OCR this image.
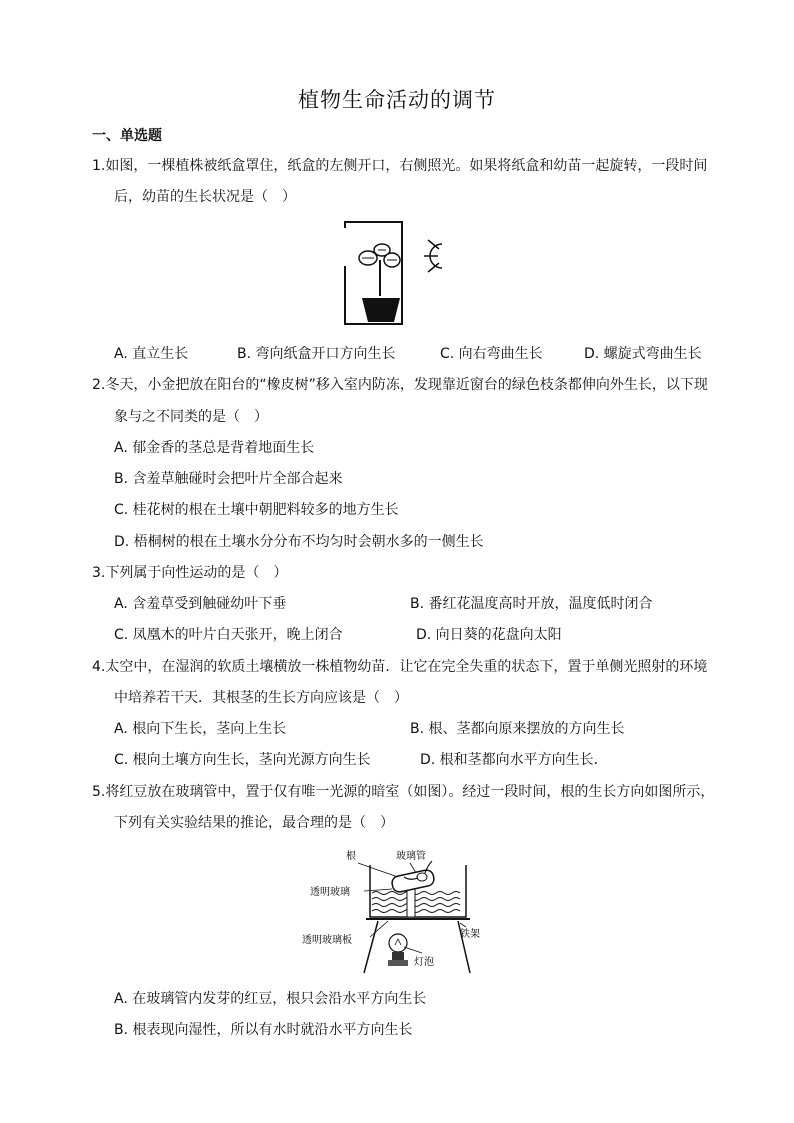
植物生命活动的调节
一、单选题
1.如图，一棵植株被纸盒罩住，纸盒的左侧开口，右侧照光。如果将纸盒和幼苗一起旋转，一段时间
后，幼苗的生长状况是（　）
A. 直立生长	B. 弯向纸盒开口方向生长	C. 向右弯曲生长	D. 螺旋式弯曲生长
2.冬天，小金把放在阳台的“橡皮树”移入室内防冻，发现靠近窗台的绿色枝条都伸向外生长，以下现
象与之不同类的是（　）
A. 郁金香的茎总是背着地面生长
B. 含羞草触碰时会把叶片全部合起来
C. 桂花树的根在土壤中朝肥料较多的地方生长
D. 梧桐树的根在土壤水分分布不均匀时会朝水多的一侧生长
3.下列属于向性运动的是（　）
A. 含羞草受到触碰幼叶下垂	B. 番红花温度高时开放，温度低时闭合
C. 凤凰木的叶片白天张开，晚上闭合	D. 向日葵的花盘向太阳
4.太空中，在湿润的软质土壤横放一株植物幼苗．让它在完全失重的状态下，置于单侧光照射的环境
中培养若干天．其根茎的生长方向应该是（　）
A. 根向下生长，茎向上生长	B. 根、茎都向原来摆放的方向生长
C. 根向土壤方向生长，茎向光源方向生长	D. 根和茎都向水平方向生长．
5.将红豆放在玻璃管中，置于仅有唯一光源的暗室（如图）。经过一段时间，根的生长方向如图所示，
下列有关实验结果的推论，最合理的是（　）
根	玻璃管
透明玻璃
透明玻璃板
铁架
灯泡
A. 在玻璃管内发芽的红豆，根只会沿水平方向生长
B. 根表现向湿性，所以有水时就沿水平方向生长
